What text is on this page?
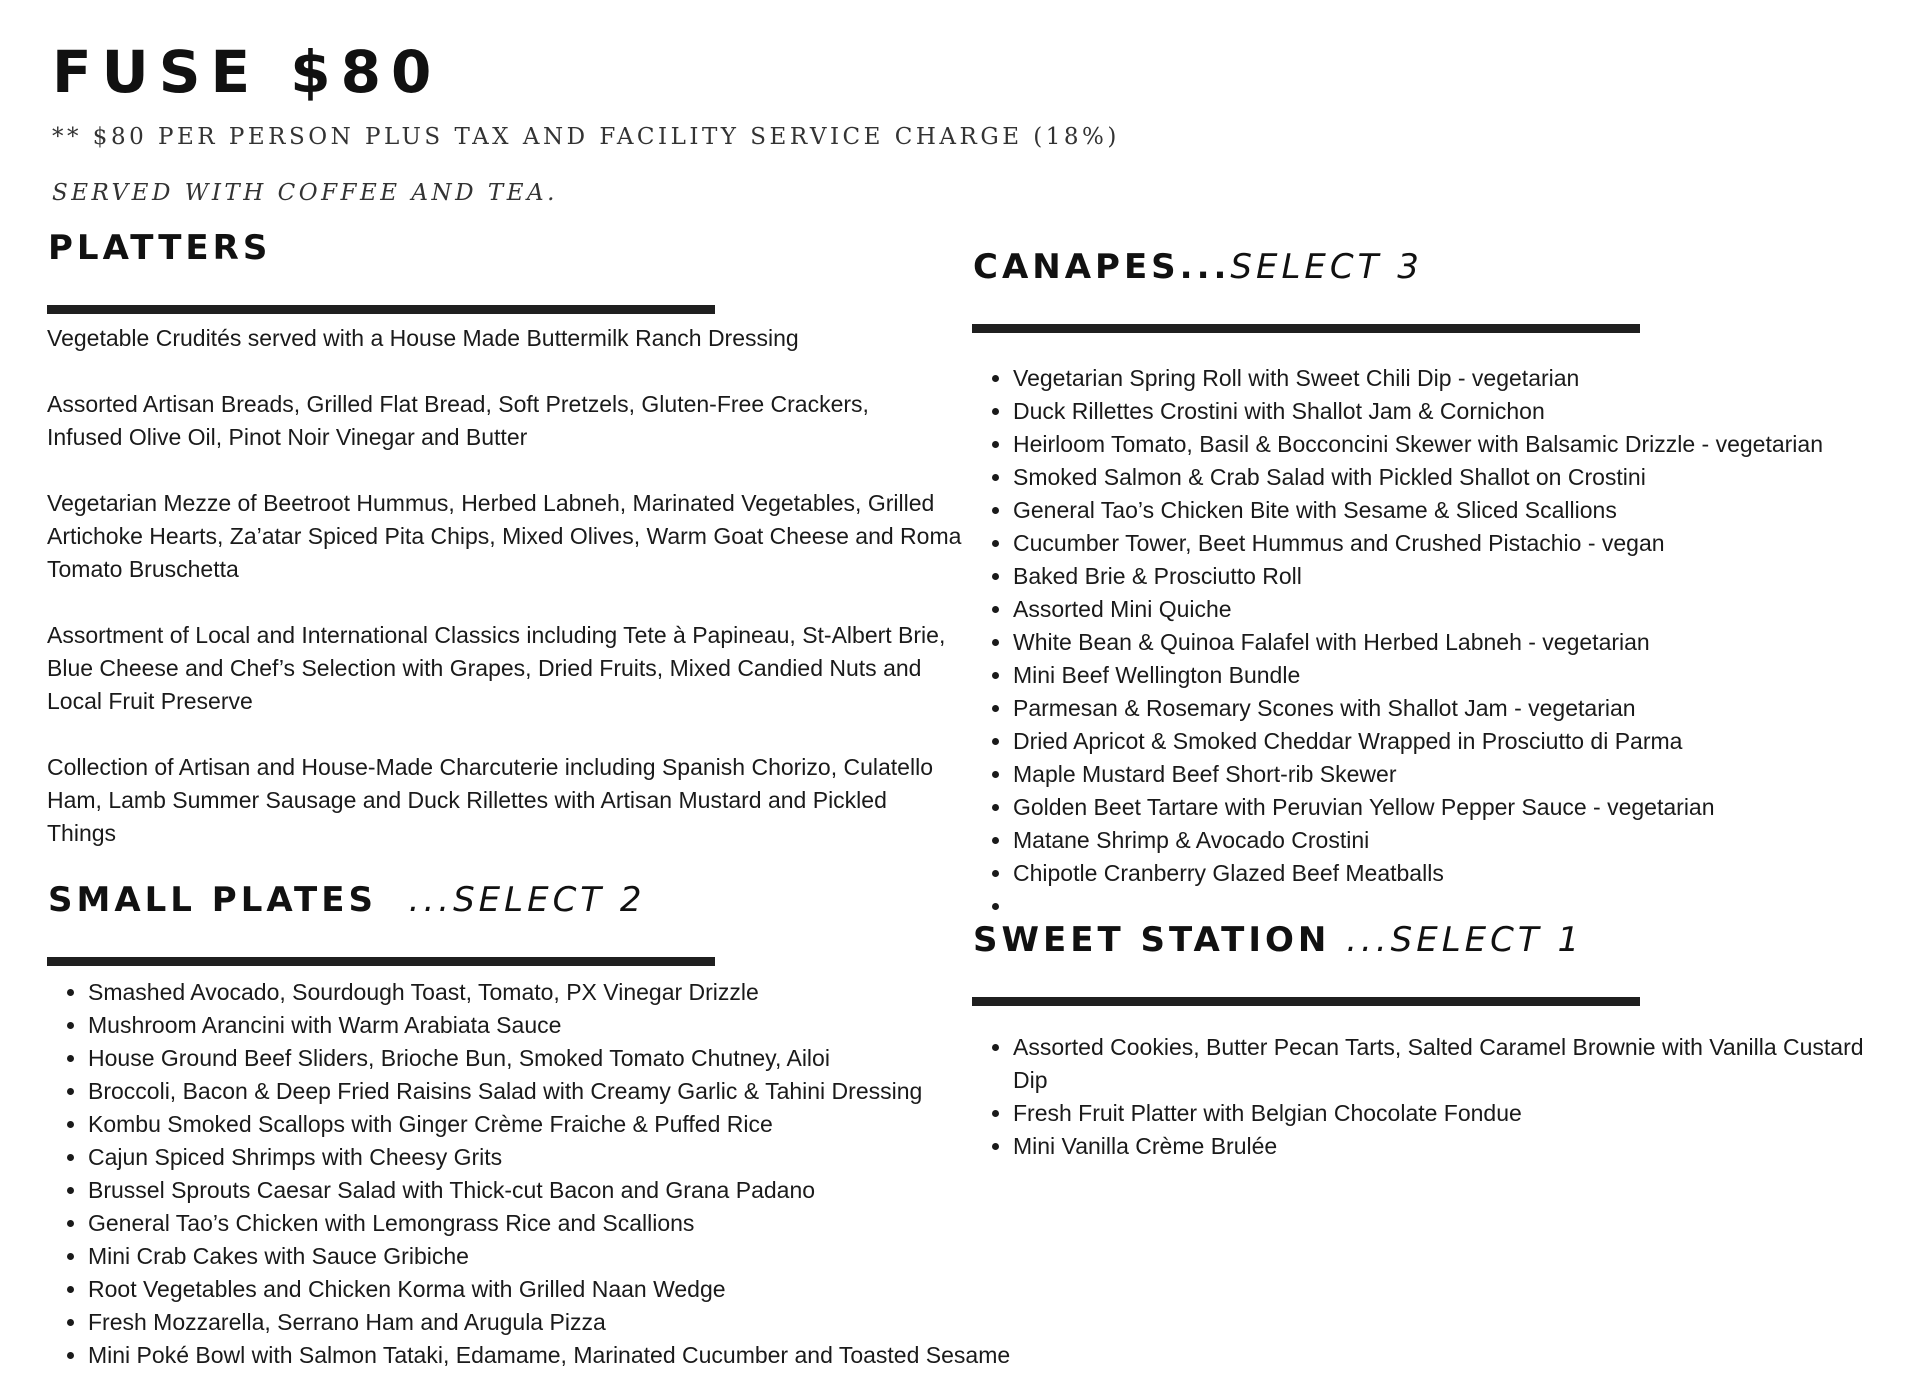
FUSE $80

** $80 PER PERSON PLUS TAX AND FACILITY SERVICE CHARGE (18%)

SERVED WITH COFFEE AND TEA.

PLATTERS

Vegetable Crudités served with a House Made Buttermilk Ranch Dressing

Assorted Artisan Breads, Grilled Flat Bread, Soft Pretzels, Gluten-Free Crackers, Infused Olive Oil, Pinot Noir Vinegar and Butter

Vegetarian Mezze of Beetroot Hummus, Herbed Labneh, Marinated Vegetables, Grilled Artichoke Hearts, Za’atar Spiced Pita Chips, Mixed Olives, Warm Goat Cheese and Roma Tomato Bruschetta

Assortment of Local and International Classics including Tete à Papineau, St-Albert Brie, Blue Cheese and Chef’s Selection with Grapes, Dried Fruits, Mixed Candied Nuts and Local Fruit Preserve

Collection of Artisan and House-Made Charcuterie including Spanish Chorizo, Culatello Ham, Lamb Summer Sausage and Duck Rillettes with Artisan Mustard and Pickled Things

SMALL PLATES ...SELECT 2
• Smashed Avocado, Sourdough Toast, Tomato, PX Vinegar Drizzle
• Mushroom Arancini with Warm Arabiata Sauce
• House Ground Beef Sliders, Brioche Bun, Smoked Tomato Chutney, Ailoi
• Broccoli, Bacon & Deep Fried Raisins Salad with Creamy Garlic & Tahini Dressing
• Kombu Smoked Scallops with Ginger Crème Fraiche & Puffed Rice
• Cajun Spiced Shrimps with Cheesy Grits
• Brussel Sprouts Caesar Salad with Thick-cut Bacon and Grana Padano
• General Tao’s Chicken with Lemongrass Rice and Scallions
• Mini Crab Cakes with Sauce Gribiche
• Root Vegetables and Chicken Korma with Grilled Naan Wedge
• Fresh Mozzarella, Serrano Ham and Arugula Pizza
• Mini Poké Bowl with Salmon Tataki, Edamame, Marinated Cucumber and Toasted Sesame
CANAPES...SELECT 3
• Vegetarian Spring Roll with Sweet Chili Dip - vegetarian
• Duck Rillettes Crostini with Shallot Jam & Cornichon
• Heirloom Tomato, Basil & Bocconcini Skewer with Balsamic Drizzle - vegetarian
• Smoked Salmon & Crab Salad with Pickled Shallot on Crostini
• General Tao’s Chicken Bite with Sesame & Sliced Scallions
• Cucumber Tower, Beet Hummus and Crushed Pistachio - vegan
• Baked Brie & Prosciutto Roll
• Assorted Mini Quiche
• White Bean & Quinoa Falafel with Herbed Labneh - vegetarian
• Mini Beef Wellington Bundle
• Parmesan & Rosemary Scones with Shallot Jam - vegetarian
• Dried Apricot & Smoked Cheddar Wrapped in Prosciutto di Parma
• Maple Mustard Beef Short-rib Skewer
• Golden Beet Tartare with Peruvian Yellow Pepper Sauce - vegetarian
• Matane Shrimp & Avocado Crostini
• Chipotle Cranberry Glazed Beef Meatballs
•
SWEET STATION ...SELECT 1
• Assorted Cookies, Butter Pecan Tarts, Salted Caramel Brownie with Vanilla Custard Dip
• Fresh Fruit Platter with Belgian Chocolate Fondue
• Mini Vanilla Crème Brulée
